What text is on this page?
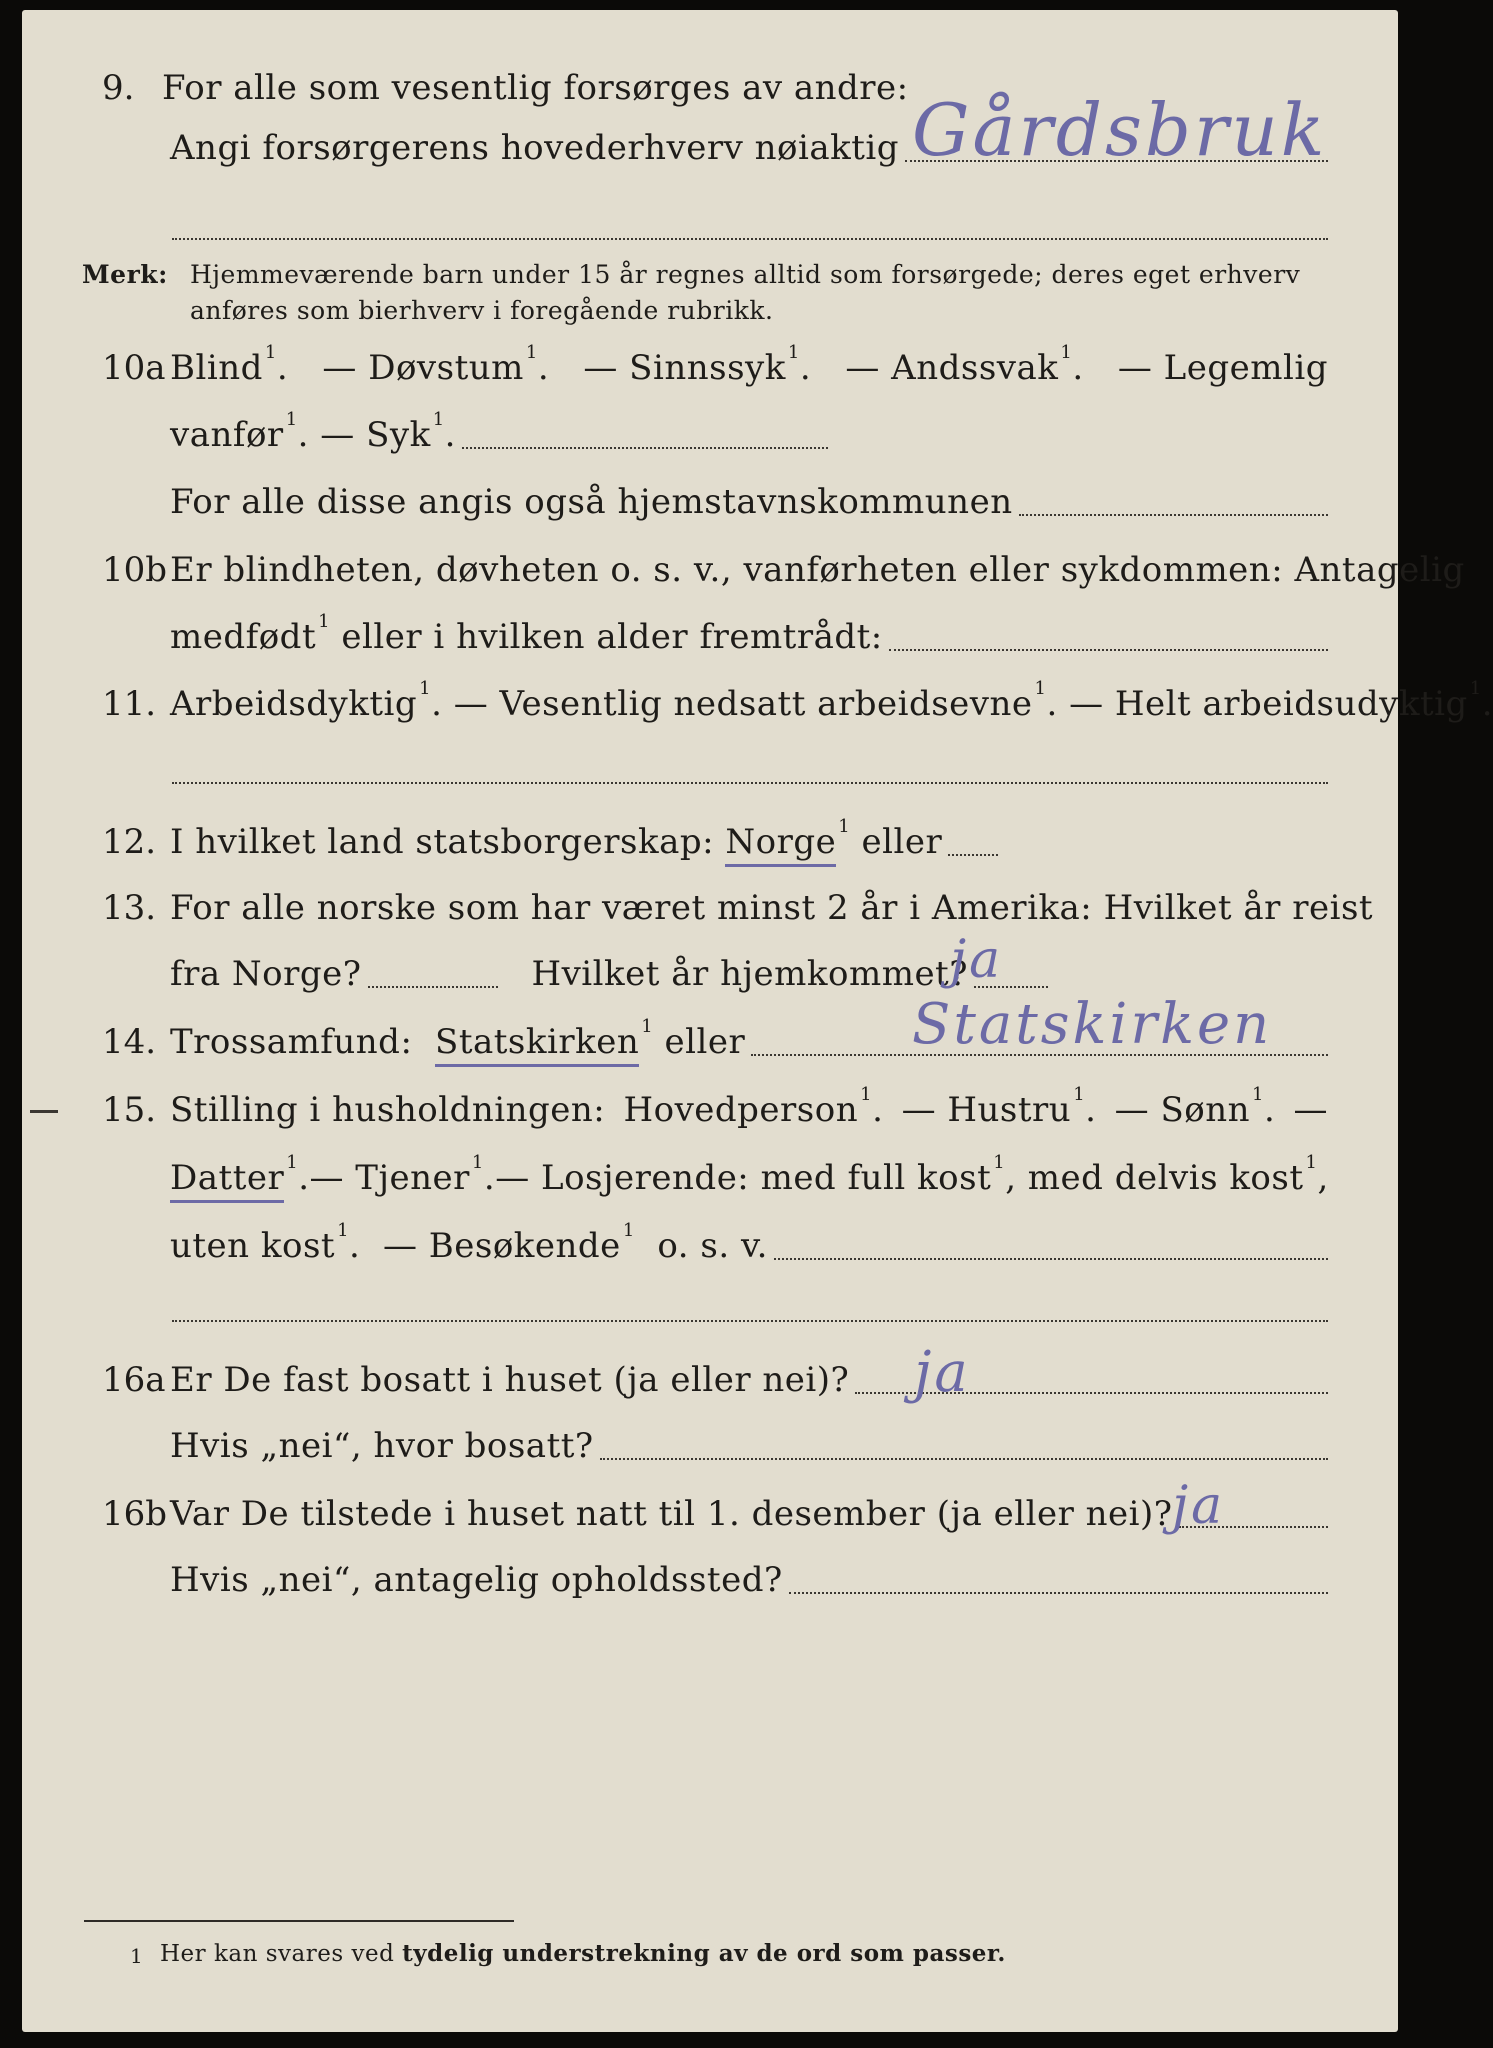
9. For alle som vesentlig forsørges av andre:
Angi forsørgerens hovederhverv nøiaktig Gårdsbruk
Merk: Hjemmeværende barn under 15 år regnes alltid som forsørgede; deres eget erhverv
anføres som bierhverv i foregående rubrikk.
10a Blind $^1$. — Døvstum $^1$. — Sinnssyk $^1$. — Andssvak $^1$. — Legemlig
vanfør $^1$. — Syk $^1$.
For alle disse angis også hjemstavnskommunen
10b Er blindheten, døvheten o. s. v., vanførheten eller sykdommen: Antagelig
medfødt $^1$ eller i hvilken alder fremtrådt:
11. Arbeidsdyktig $^1$ . — Vesentlig nedsatt arbeidsevne $^1$ . — Helt arbeidsudyktig $^1$.
12. I hvilket land statsborgerskap:
Norge $^1$ eller
13. For alle norske som har været minst 2 år i Amerika: Hvilket år reist
fra Norge?
	Hvilket år hjemkommet?
ja
14. Trossamfund:
Statskirken $^1$ eller	Statskirken
15. Stilling i husholdningen: Hovedperson $^1$. — Hustru $^1$. — Sønn $^1$. —
Datter $^1$. — Tjener $^1$. — Losjerende: med full kost $^1$ , med delvis kost $^1$,
uten kost $^1$. — Besøkende $^1$ o. s. v.
16a Er De fast bosatt i huset (ja eller nei)? ja
Hvis „nei“, hvor bosatt?
16b Var De tilstede i huset natt til 1. desember (ja eller nei)? ja
Hvis „nei“, antagelig opholdssted?
1 Her kan svares ved tydelig understrekning av de ord som passer.
